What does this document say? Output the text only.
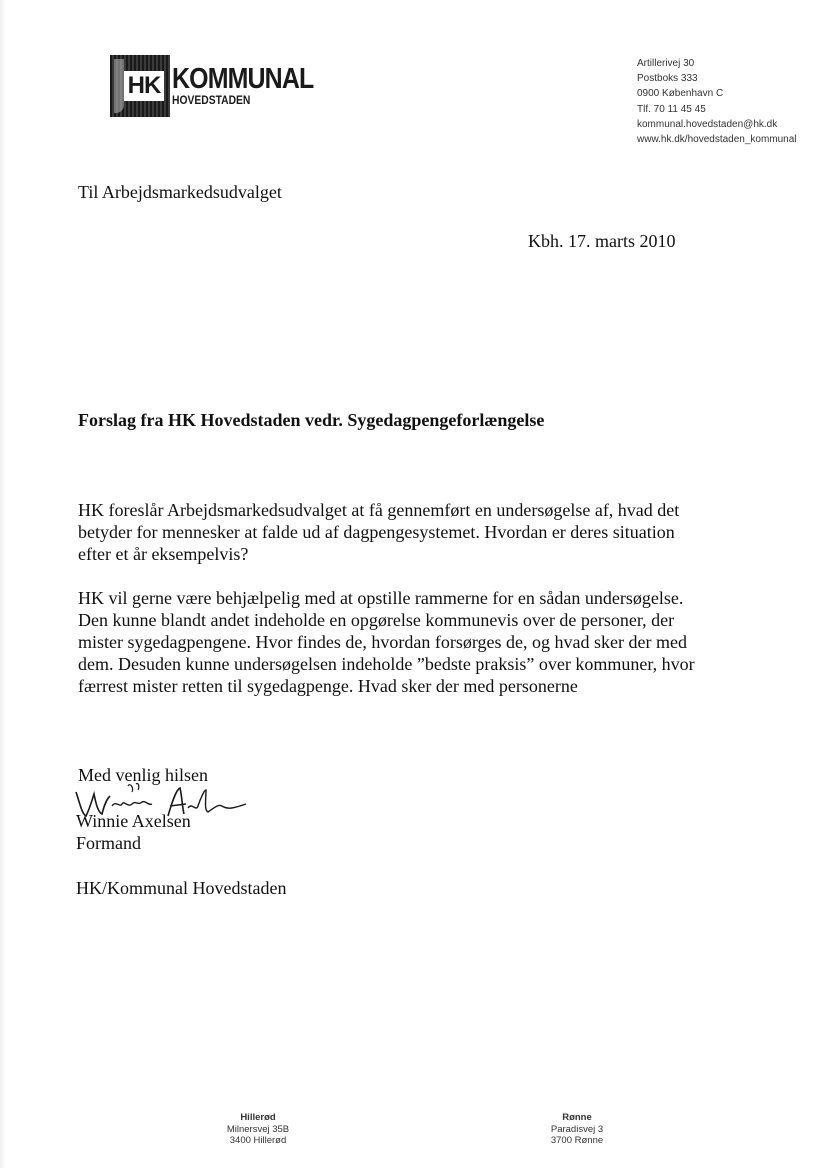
HK KOMMUNAL
HOVEDSTADEN
Artillerivej 30
Postboks 333
0900 København C
Tlf. 70 11 45 45
kommunal.hovedstaden@hk.dk
www.hk.dk/hovedstaden_kommunal
Til Arbejdsmarkedsudvalget
Kbh. 17. marts 2010
Forslag fra HK Hovedstaden vedr. Sygedagpengeforlængelse
HK foreslår Arbejdsmarkedsudvalget at få gennemført en undersøgelse af, hvad det
betyder for mennesker at falde ud af dagpengesystemet. Hvordan er deres situation
efter et år eksempelvis?
HK vil gerne være behjælpelig med at opstille rammerne for en sådan undersøgelse.
Den kunne blandt andet indeholde en opgørelse kommunevis over de personer, der
mister sygedagpengene. Hvor findes de, hvordan forsørges de, og hvad sker der med
dem. Desuden kunne undersøgelsen indeholde ”bedste praksis” over kommuner, hvor
færrest mister retten til sygedagpenge. Hvad sker der med personerne
Med venlig hilsen
Winnie Axelsen
Formand
HK/Kommunal Hovedstaden
Hillerød
Milnersvej 35B
3400 Hillerød
Rønne
Paradisvej 3
3700 Rønne
